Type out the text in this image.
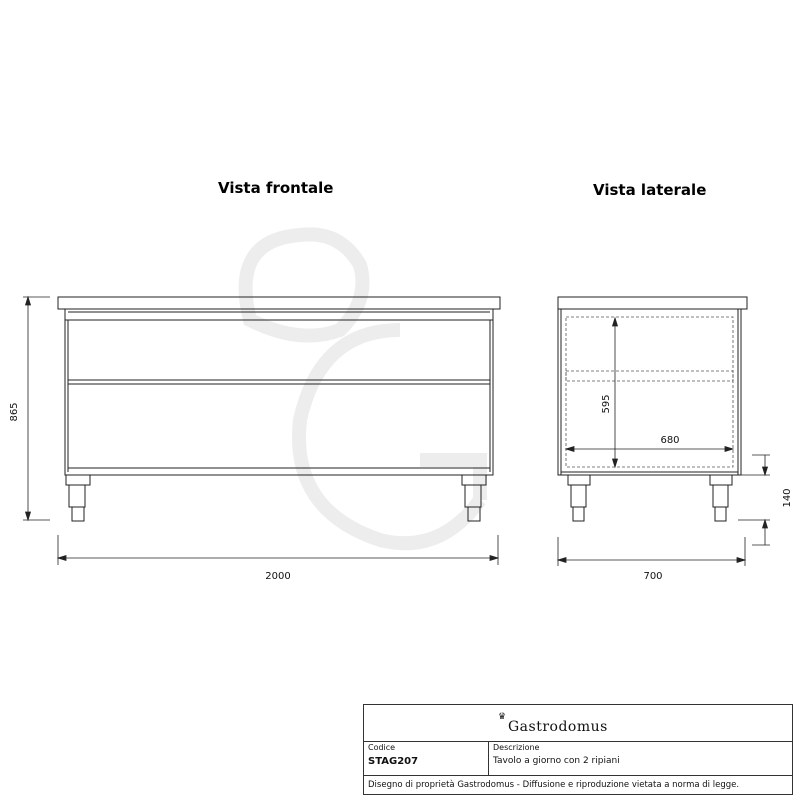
865
2000
595
680
700
140
Vista frontale	Vista laterale
♛
Gastrodomus
Codice
STAG207
Descrizione
Tavolo a giorno con 2 ripiani
Disegno di proprietà Gastrodomus - Diffusione e riproduzione vietata a norma di legge.
